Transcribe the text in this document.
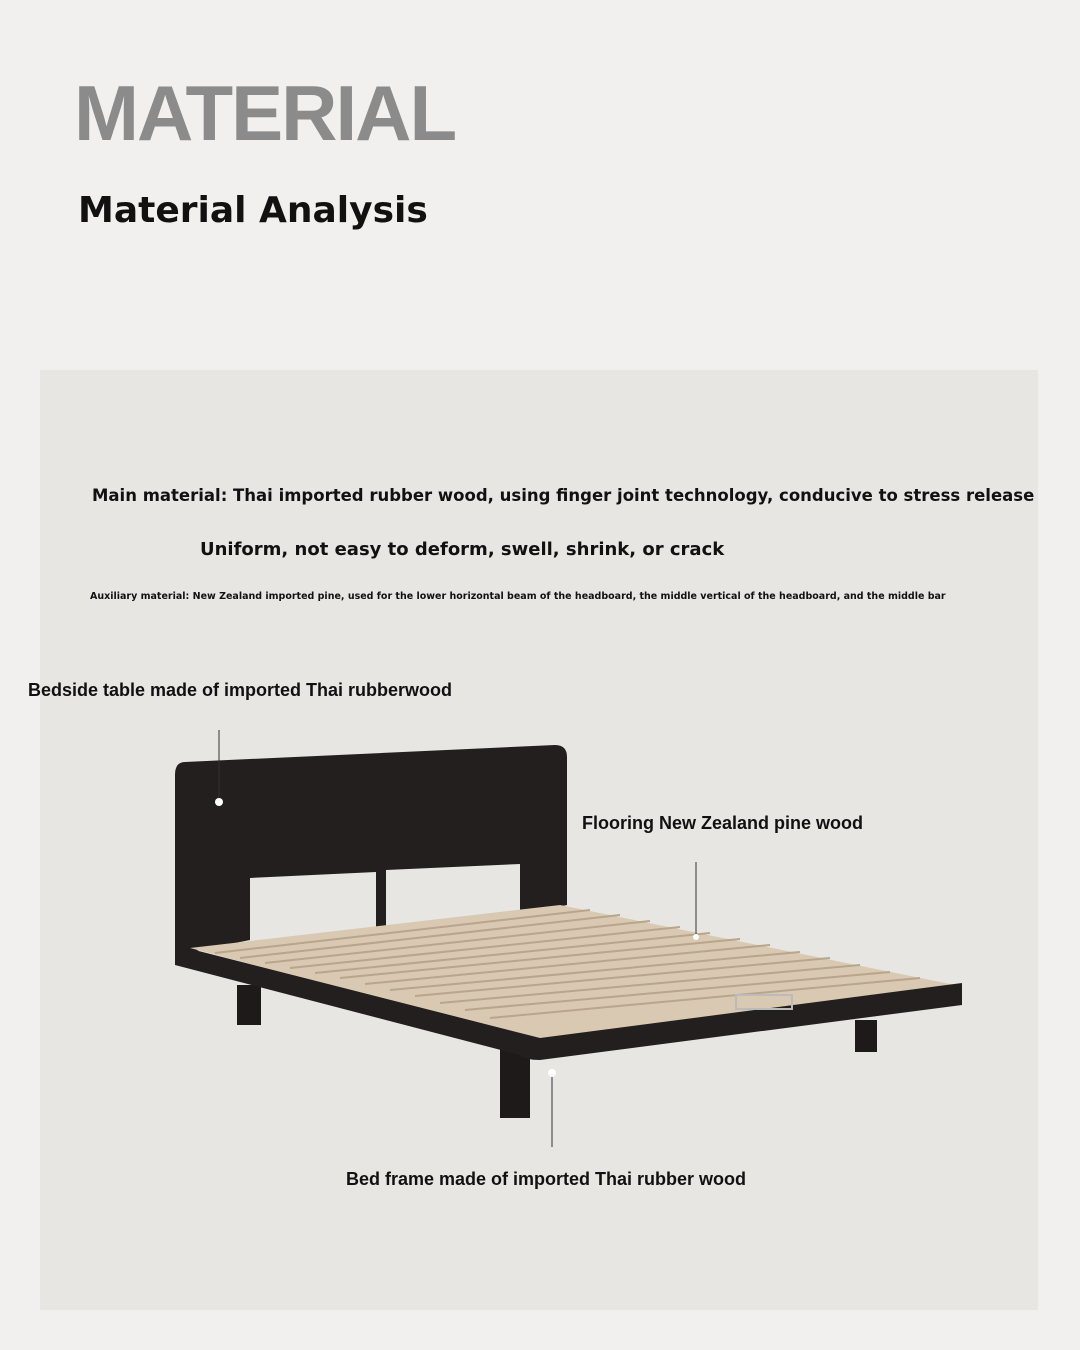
MATERIAL
Material Analysis
Main material: Thai imported rubber wood, using finger joint technology, conducive to stress release
Uniform, not easy to deform, swell, shrink, or crack
Auxiliary material: New Zealand imported pine, used for the lower horizontal beam of the headboard, the middle vertical of the headboard, and the middle bar
Bedside table made of imported Thai rubberwood
Flooring New Zealand pine wood
Bed frame made of imported Thai rubber wood
